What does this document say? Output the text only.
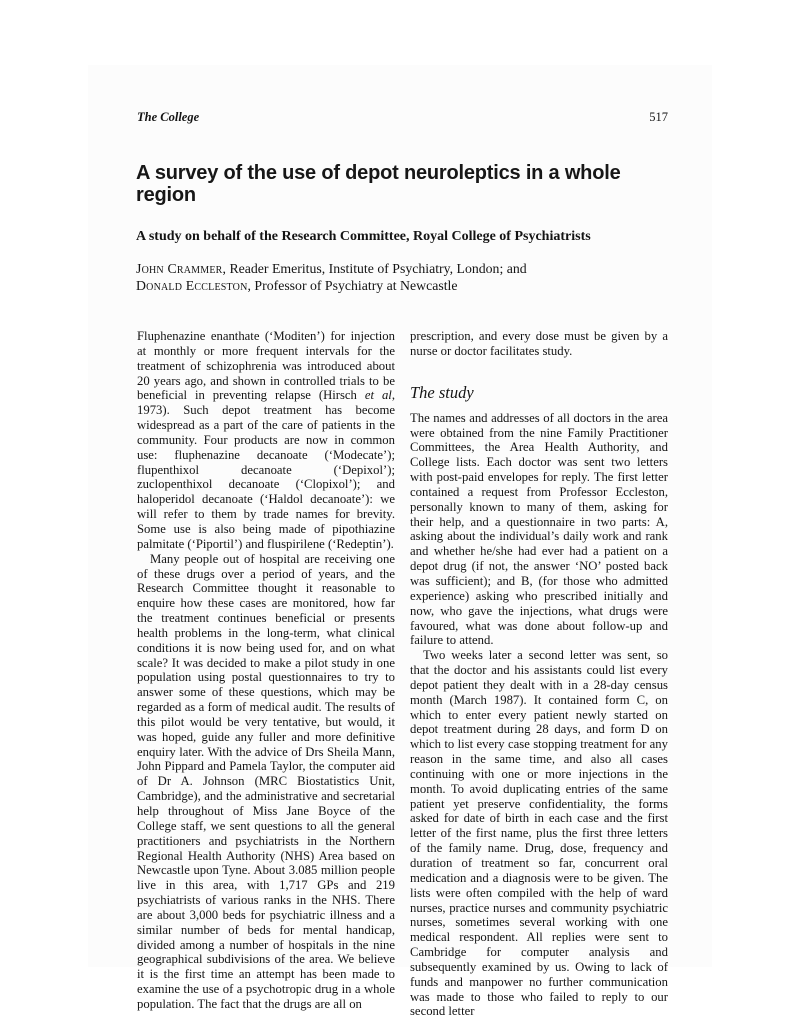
The College	517
A survey of the use of depot neuroleptics in a whole
region
A study on behalf of the Research Committee, Royal College of Psychiatrists
John Crammer, Reader Emeritus, Institute of Psychiatry, London; and
Donald Eccleston, Professor of Psychiatry at Newcastle

Fluphenazine enanthate (‘Moditen’) for injection at monthly or more frequent intervals for the treatment of schizophrenia was introduced about 20 years ago, and shown in controlled trials to be beneficial in preventing relapse (Hirsch et al, 1973). Such depot treatment has become widespread as a part of the care of patients in the community. Four products are now in common use: fluphenazine decanoate (‘Modecate’); flupenthixol decanoate (‘Depixol’); zuclopenthixol decanoate (‘Clopixol’); and haloperidol decanoate (‘Haldol decanoate’): we will refer to them by trade names for brevity. Some use is also being made of pipothiazine palmitate (‘Piportil’) and fluspirilene (‘Redeptin’).

Many people out of hospital are receiving one of these drugs over a period of years, and the Research Committee thought it reasonable to enquire how these cases are monitored, how far the treatment continues beneficial or presents health problems in the long-term, what clinical conditions it is now being used for, and on what scale? It was decided to make a pilot study in one population using postal questionnaires to try to answer some of these questions, which may be regarded as a form of medical audit. The results of this pilot would be very tentative, but would, it was hoped, guide any fuller and more definitive enquiry later. With the advice of Drs Sheila Mann, John Pippard and Pamela Taylor, the computer aid of Dr A. Johnson (MRC Biostatistics Unit, Cambridge), and the administrative and secretarial help throughout of Miss Jane Boyce of the College staff, we sent questions to all the general practitioners and psychiatrists in the Northern Regional Health Authority (NHS) Area based on Newcastle upon Tyne. About 3.085 million people live in this area, with 1,717 GPs and 219 psychiatrists of various ranks in the NHS. There are about 3,000 beds for psychiatric illness and a similar number of beds for mental handicap, divided among a number of hospitals in the nine geographical subdivisions of the area. We believe it is the first time an attempt has been made to examine the use of a psychotropic drug in a whole population. The fact that the drugs are all on

prescription, and every dose must be given by a nurse or doctor facilitates study.

The study

The names and addresses of all doctors in the area were obtained from the nine Family Practitioner Committees, the Area Health Authority, and College lists. Each doctor was sent two letters with post-paid envelopes for reply. The first letter contained a request from Professor Eccleston, personally known to many of them, asking for their help, and a questionnaire in two parts: A, asking about the individual’s daily work and rank and whether he/she had ever had a patient on a depot drug (if not, the answer ‘NO’ posted back was sufficient); and B, (for those who admitted experience) asking who prescribed initially and now, who gave the injections, what drugs were favoured, what was done about follow-up and failure to attend.

Two weeks later a second letter was sent, so that the doctor and his assistants could list every depot patient they dealt with in a 28-day census month (March 1987). It contained form C, on which to enter every patient newly started on depot treatment during 28 days, and form D on which to list every case stopping treatment for any reason in the same time, and also all cases continuing with one or more injections in the month. To avoid duplicating entries of the same patient yet preserve confidentiality, the forms asked for date of birth in each case and the first letter of the first name, plus the first three letters of the family name. Drug, dose, frequency and duration of treatment so far, concurrent oral medication and a diagnosis were to be given. The lists were often compiled with the help of ward nurses, practice nurses and community psychiatric nurses, sometimes several working with one medical respondent. All replies were sent to Cambridge for computer analysis and subsequently examined by us. Owing to lack of funds and manpower no further communication was made to those who failed to reply to our second letter
